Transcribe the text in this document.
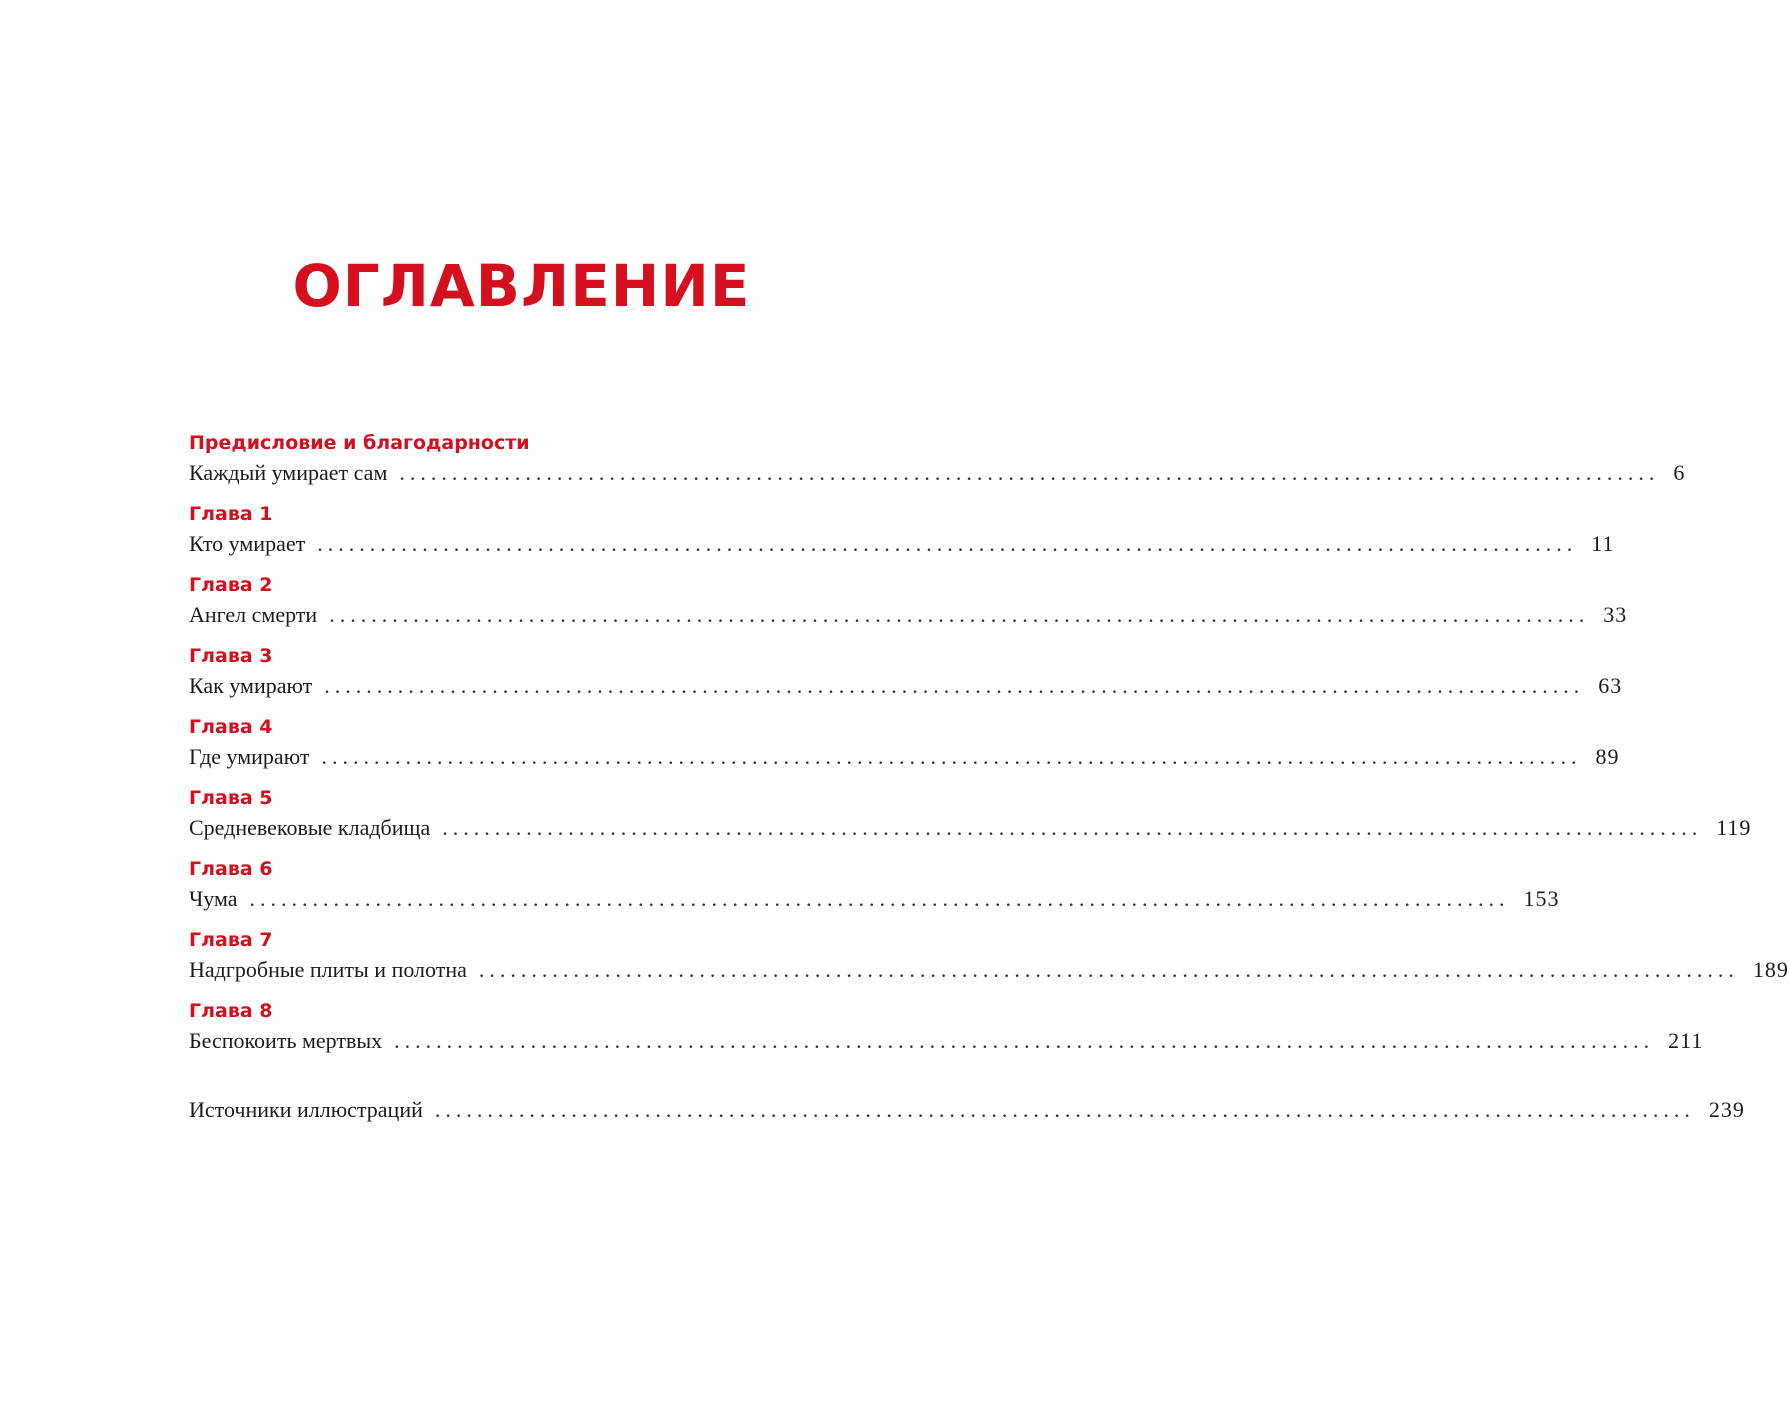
ОГЛАВЛЕНИЕ
Предисловие и благодарности
Каждый умирает сам ........................................................................................................................ 6
Глава 1
Кто умирает ........................................................................................................................ 11
Глава 2
Ангел смерти ........................................................................................................................ 33
Глава 3
Как умирают ........................................................................................................................ 63
Глава 4
Где умирают ........................................................................................................................ 89
Глава 5
Средневековые кладбища ........................................................................................................................ 119
Глава 6
Чума ........................................................................................................................ 153
Глава 7
Надгробные плиты и полотна ........................................................................................................................ 189
Глава 8
Беспокоить мертвых ........................................................................................................................ 211
Источники иллюстраций ........................................................................................................................ 239
